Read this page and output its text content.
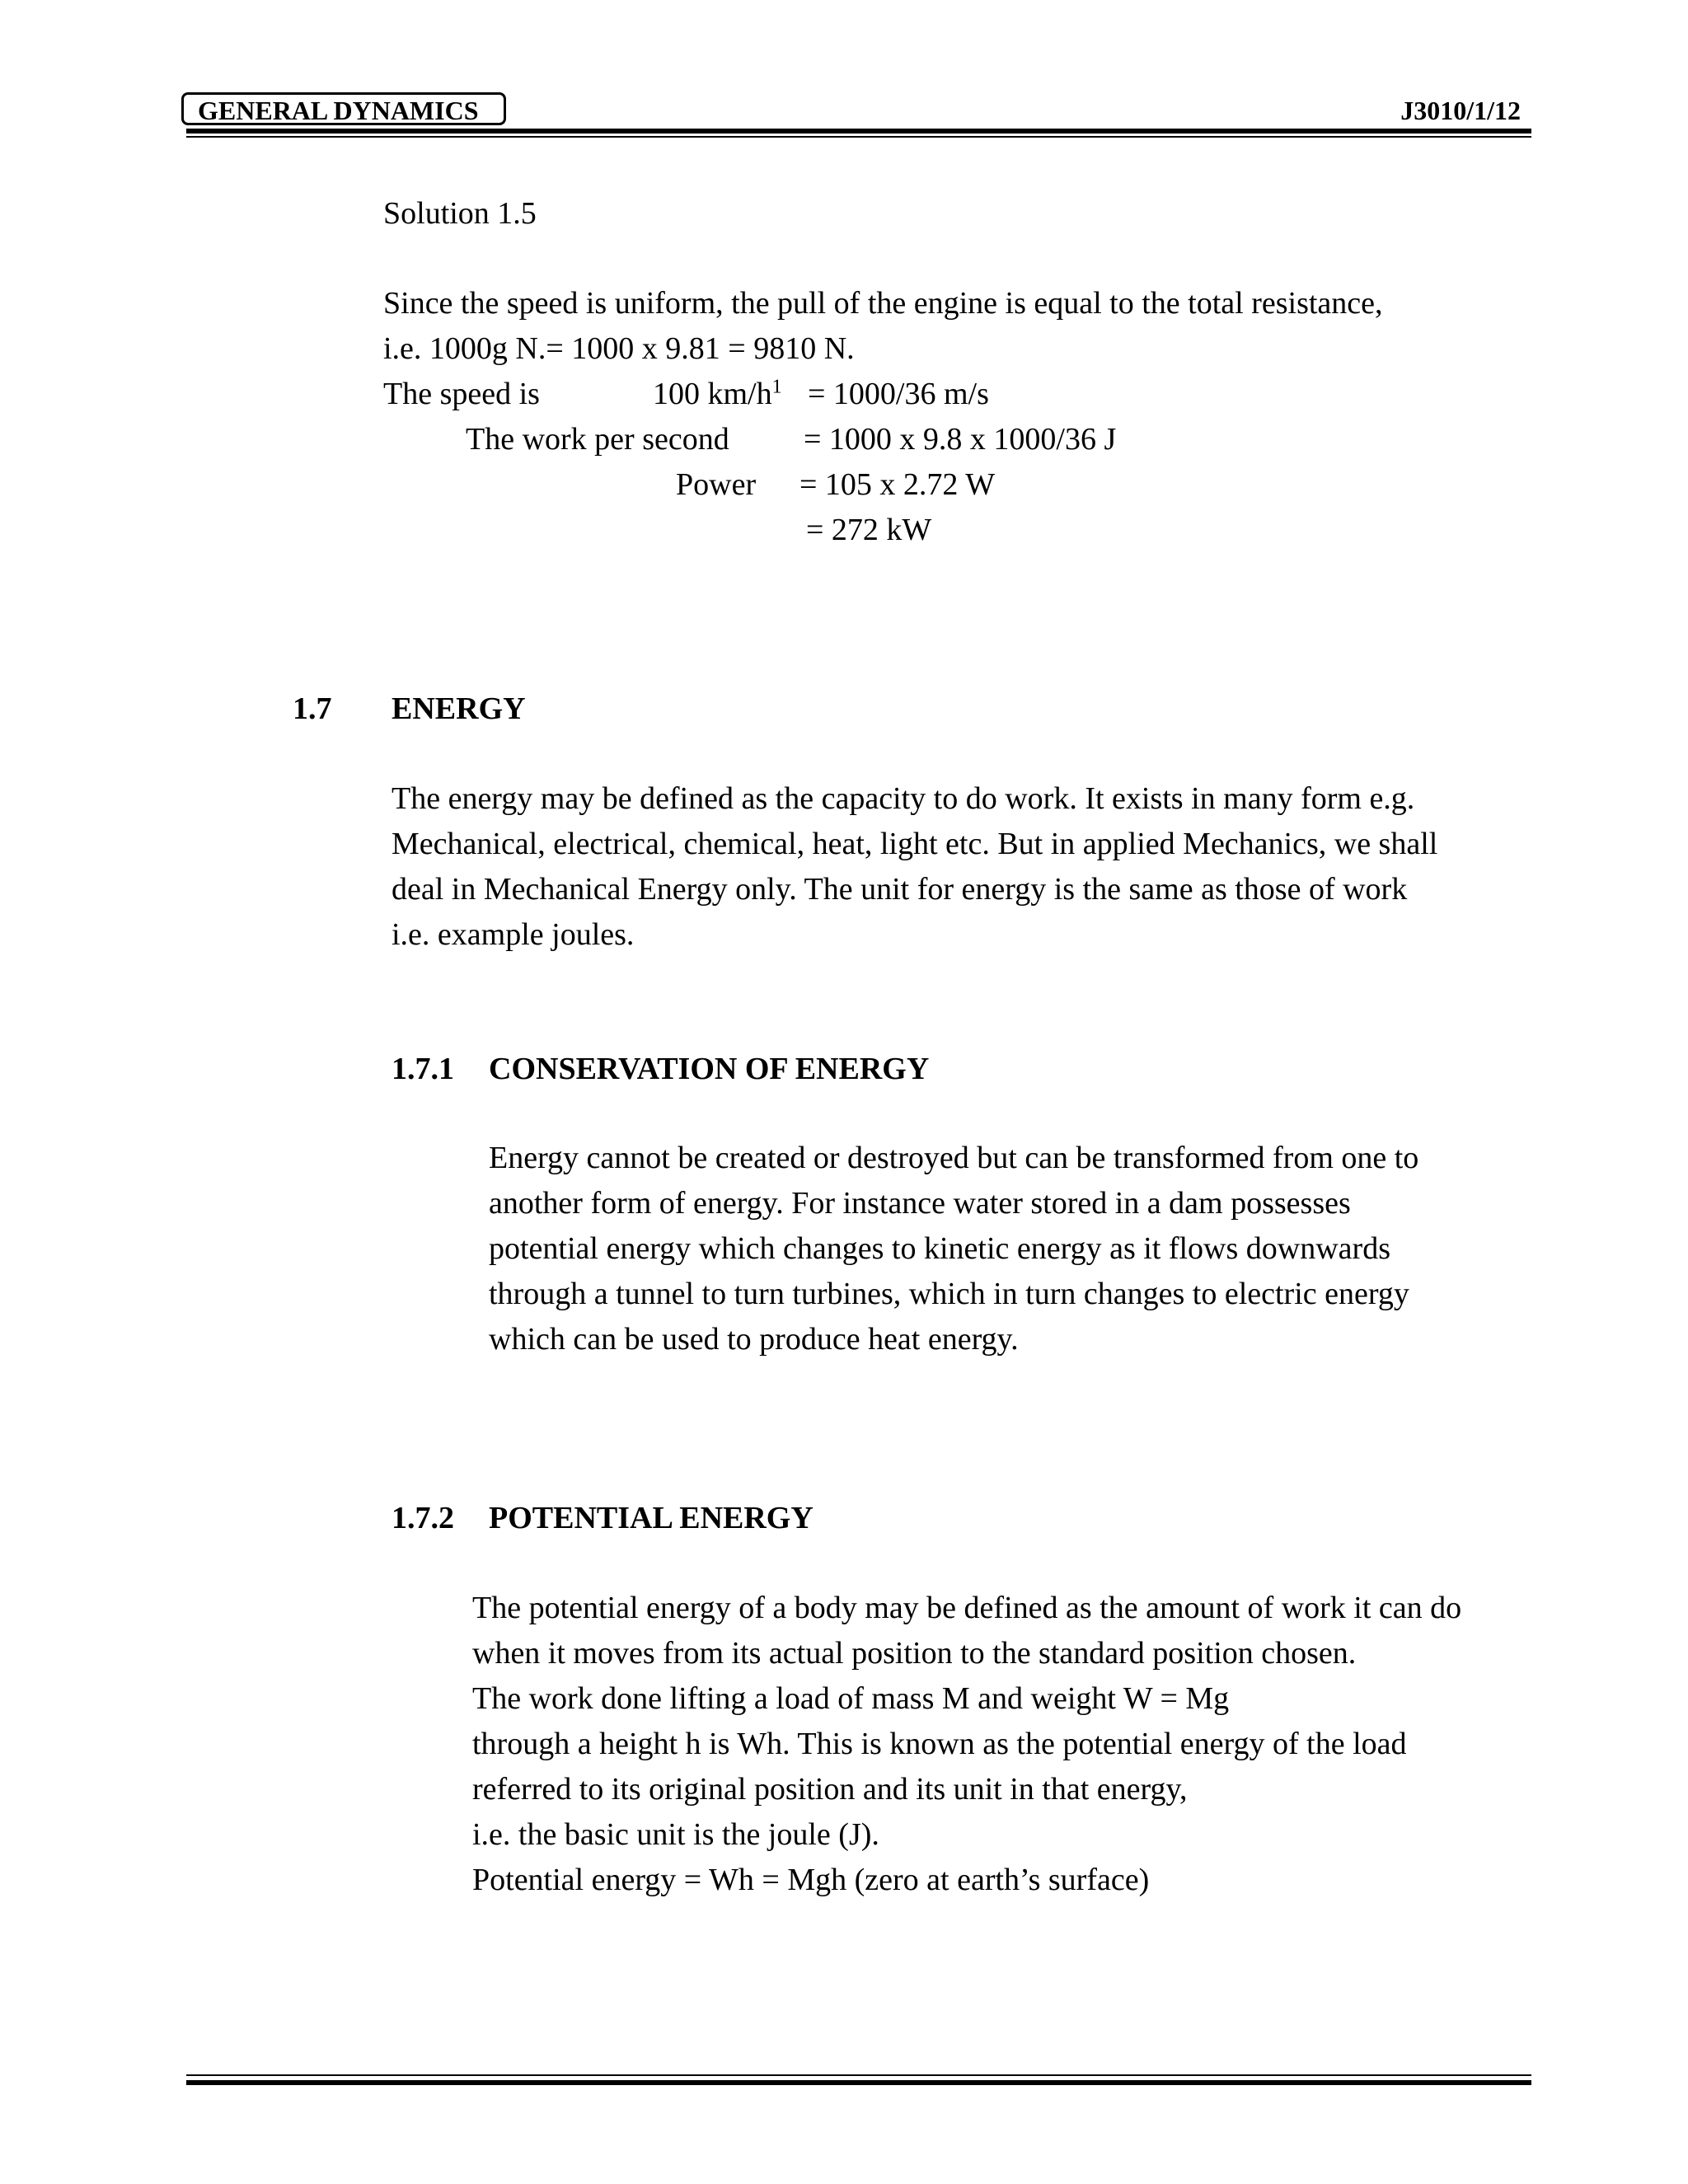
GENERAL DYNAMICS	J3010/1/12
Solution 1.5
Since the speed is uniform, the pull of the engine is equal to the total resistance,
i.e. 1000g N.= 1000 x 9.81 = 9810 N.
The speed is	100 $km/h^1 = 1000/36$ m/s
The work per second = 1000 x 9.8 x 1000/36 J
Power = 105 x 2.72 W
= 272 kW
1.7 ENERGY
The energy may be defined as the capacity to do work. It exists in many form e.g.
Mechanical, electrical, chemical, heat, light etc. But in applied Mechanics, we shall
deal in Mechanical Energy only. The unit for energy is the same as those of work
i.e. example joules.
1.7.1 CONSERVATION OF ENERGY
Energy cannot be created or destroyed but can be transformed from one to
another form of energy. For instance water stored in a dam possesses
potential energy which changes to kinetic energy as it flows downwards
through a tunnel to turn turbines, which in turn changes to electric energy
which can be used to produce heat energy.
1.7.2 POTENTIAL ENERGY
The potential energy of a body may be defined as the amount of work it can do
when it moves from its actual position to the standard position chosen.
The work done lifting a load of mass M and weight W = Mg
through a height h is Wh. This is known as the potential energy of the load
referred to its original position and its unit in that energy,
i.e. the basic unit is the joule (J).
Potential energy = Wh = Mgh (zero at earth’s surface)
